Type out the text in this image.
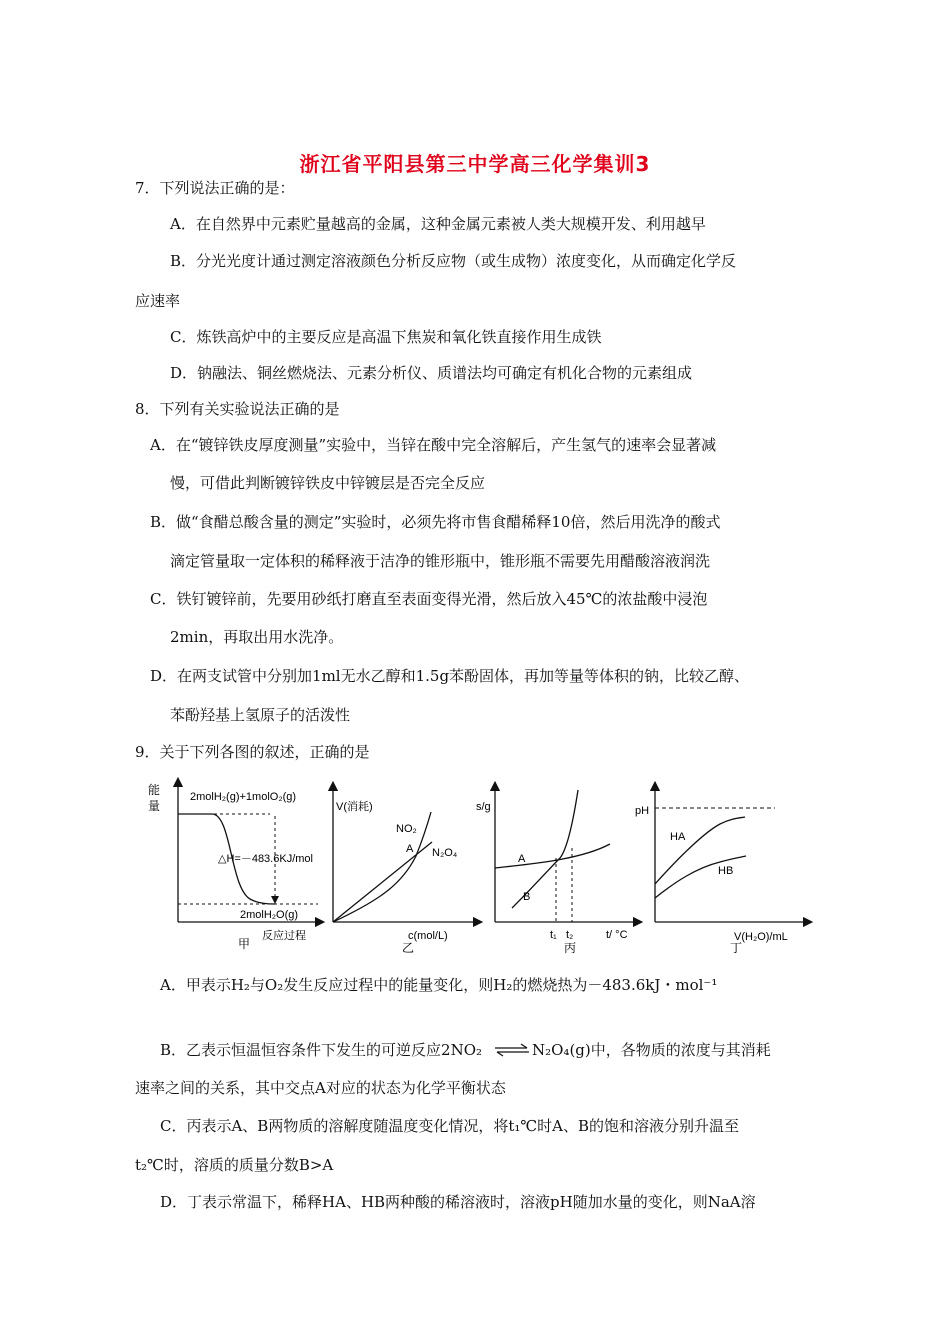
浙江省平阳县第三中学高三化学集训3
7．下列说法正确的是：
A．在自然界中元素贮量越高的金属，这种金属元素被人类大规模开发、利用越早
B．分光光度计通过测定溶液颜色分析反应物（或生成物）浓度变化，从而确定化学反
应速率
C．炼铁高炉中的主要反应是高温下焦炭和氧化铁直接作用生成铁
D．钠融法、铜丝燃烧法、元素分析仪、质谱法均可确定有机化合物的元素组成
8．下列有关实验说法正确的是
A．在“镀锌铁皮厚度测量”实验中，当锌在酸中完全溶解后，产生氢气的速率会显著减
慢，可借此判断镀锌铁皮中锌镀层是否完全反应
B．做“食醋总酸含量的测定”实验时，必须先将市售食醋稀释10倍，然后用洗净的酸式
滴定管量取一定体积的稀释液于洁净的锥形瓶中，锥形瓶不需要先用醋酸溶液润洗
C．铁钉镀锌前，先要用砂纸打磨直至表面变得光滑，然后放入45℃的浓盐酸中浸泡
2min，再取出用水洗净。
D．在两支试管中分别加1ml无水乙醇和1.5g苯酚固体，再加等量等体积的钠，比较乙醇、
苯酚羟基上氢原子的活泼性
9．关于下列各图的叙述，正确的是
能
量
2molH₂(g)+1molO₂(g)
△H=－483.6KJ/mol
2molH₂O(g)
反应过程
甲
V(消耗)
NO₂
A N₂O₄
c(mol/L)
乙
s/g
A
B
t₁ t₂	t/ °C
丙
pH
HA
HB
V(H₂O)/mL
丁
A．甲表示H₂与O₂发生反应过程中的能量变化，则H₂的燃烧热为－483.6kJ・mol⁻¹
B．乙表示恒温恒容条件下发生的可逆反应2NO₂ ⇌ N₂O₄(g)中，各物质的浓度与其消耗
速率之间的关系，其中交点A对应的状态为化学平衡状态
C．丙表示A、B两物质的溶解度随温度变化情况，将t₁℃时A、B的饱和溶液分别升温至
t₂℃时，溶质的质量分数B>A
D．丁表示常温下，稀释HA、HB两种酸的稀溶液时，溶液pH随加水量的变化，则NaA溶
